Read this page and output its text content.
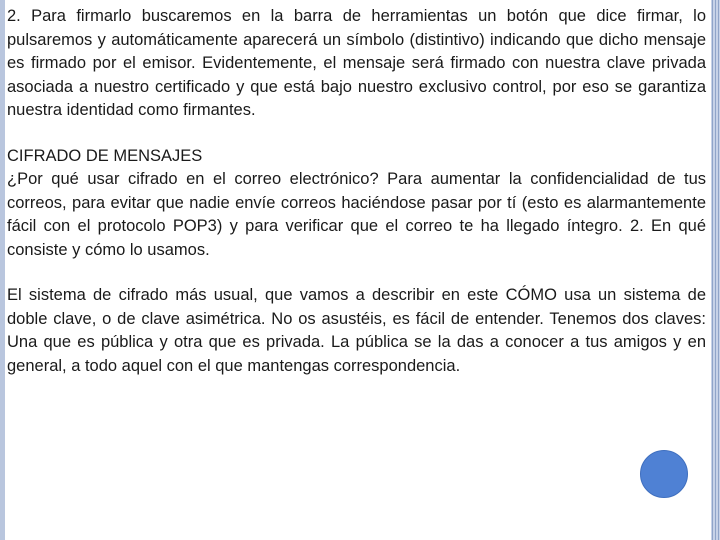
2. Para firmarlo buscaremos en la barra de herramientas un botón que dice firmar, lo pulsaremos y automáticamente aparecerá un símbolo (distintivo) indicando que dicho mensaje es firmado por el emisor. Evidentemente, el mensaje será firmado con nuestra clave privada asociada a nuestro certificado y que está bajo nuestro exclusivo control, por eso se garantiza nuestra identidad como firmantes.

CIFRADO DE MENSAJES

¿Por qué usar cifrado en el correo electrónico? Para aumentar la confidencialidad de tus correos, para evitar que nadie envíe correos haciéndose pasar por tí (esto es alarmantemente fácil con el protocolo POP3) y para verificar que el correo te ha llegado íntegro. 2. En qué consiste y cómo lo usamos.

El sistema de cifrado más usual, que vamos a describir en este CÓMO usa un sistema de doble clave, o de clave asimétrica. No os asustéis, es fácil de entender. Tenemos dos claves: Una que es pública y otra que es privada. La pública se la das a conocer a tus amigos y en general, a todo aquel con el que mantengas correspondencia.
